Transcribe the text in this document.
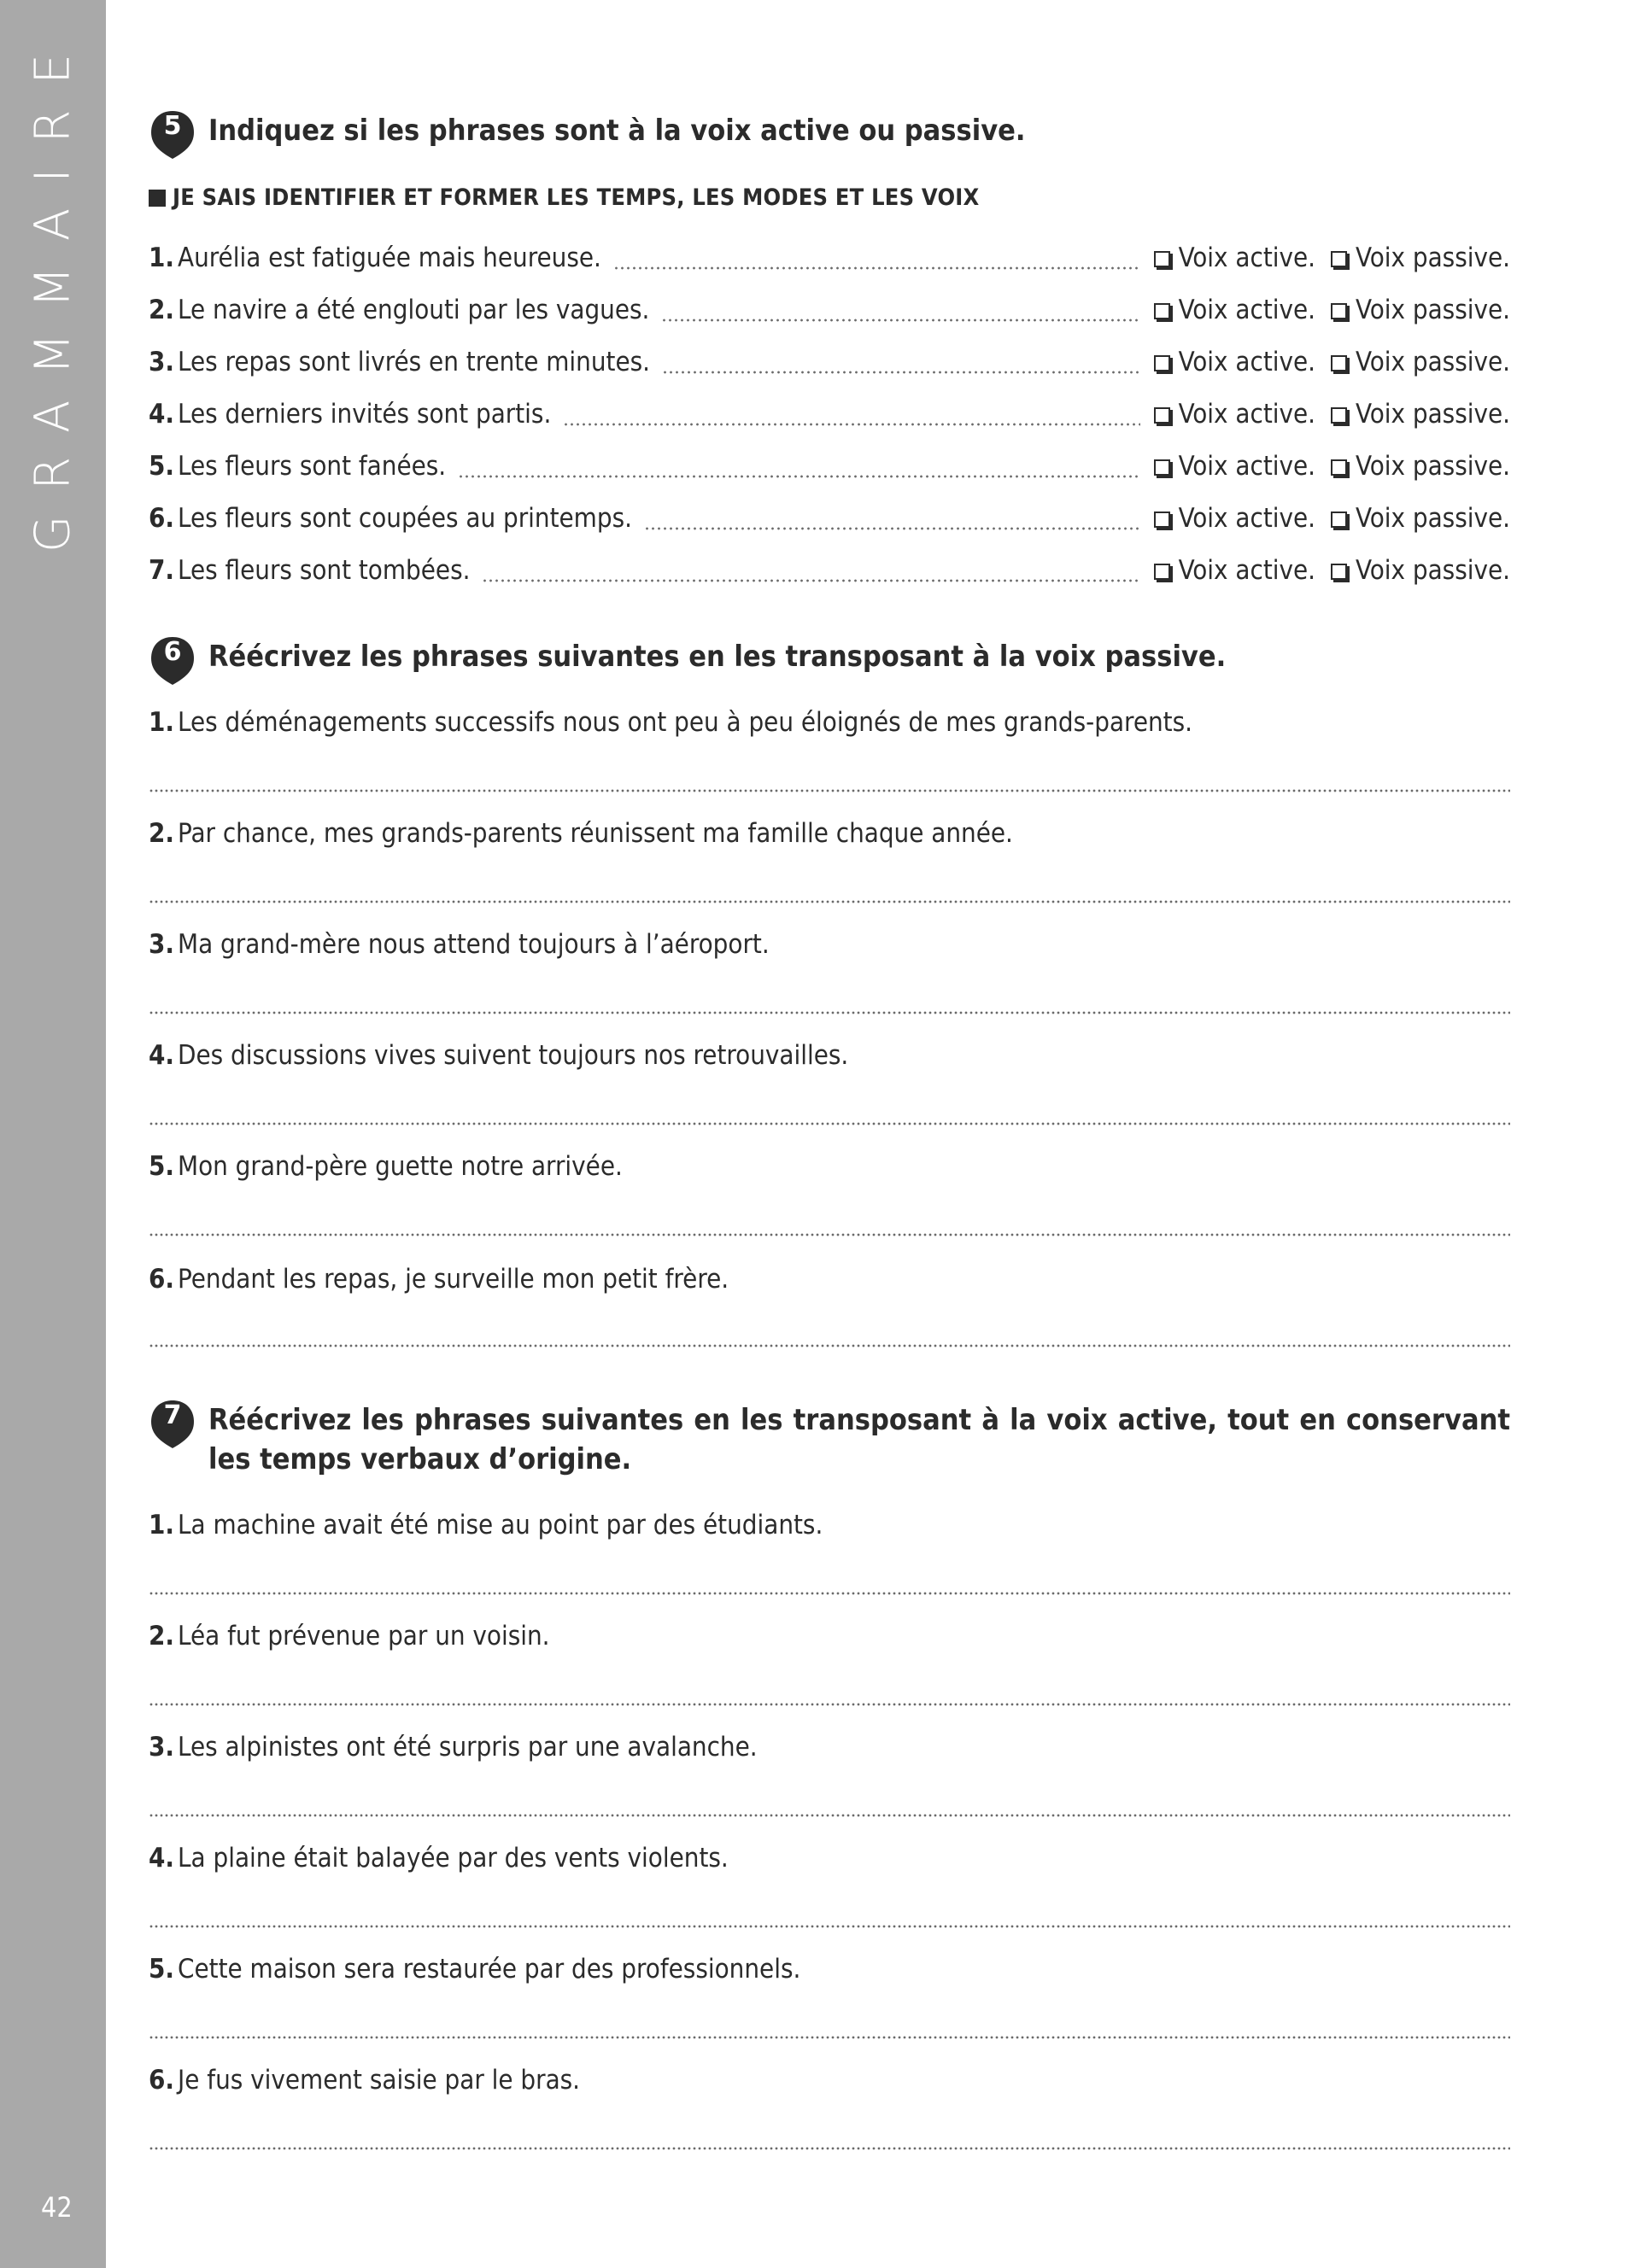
GRAMMAIRE
42
5 Indiquez si les phrases sont à la voix active ou passive.
JE SAIS IDENTIFIER ET FORMER LES TEMPS, LES MODES ET LES VOIX
1. Aurélia est fatiguée mais heureuse.	Voix active.	Voix passive.
2. Le navire a été englouti par les vagues.	Voix active.	Voix passive.
3. Les repas sont livrés en trente minutes.	Voix active.	Voix passive.
4. Les derniers invités sont partis.	Voix active.	Voix passive.
5. Les fleurs sont fanées.	Voix active.	Voix passive.
6. Les fleurs sont coupées au printemps.	Voix active.	Voix passive.
7. Les fleurs sont tombées.	Voix active.	Voix passive.
6 Réécrivez les phrases suivantes en les transposant à la voix passive.
1. Les déménagements successifs nous ont peu à peu éloignés de mes grands-parents.
2. Par chance, mes grands-parents réunissent ma famille chaque année.
3. Ma grand-mère nous attend toujours à l’aéroport.
4. Des discussions vives suivent toujours nos retrouvailles.
5. Mon grand-père guette notre arrivée.
6. Pendant les repas, je surveille mon petit frère.
7 Réécrivez les phrases suivantes en les transposant à la voix active, tout en conservant les temps verbaux d’origine.
1. La machine avait été mise au point par des étudiants.
2. Léa fut prévenue par un voisin.
3. Les alpinistes ont été surpris par une avalanche.
4. La plaine était balayée par des vents violents.
5. Cette maison sera restaurée par des professionnels.
6. Je fus vivement saisie par le bras.
